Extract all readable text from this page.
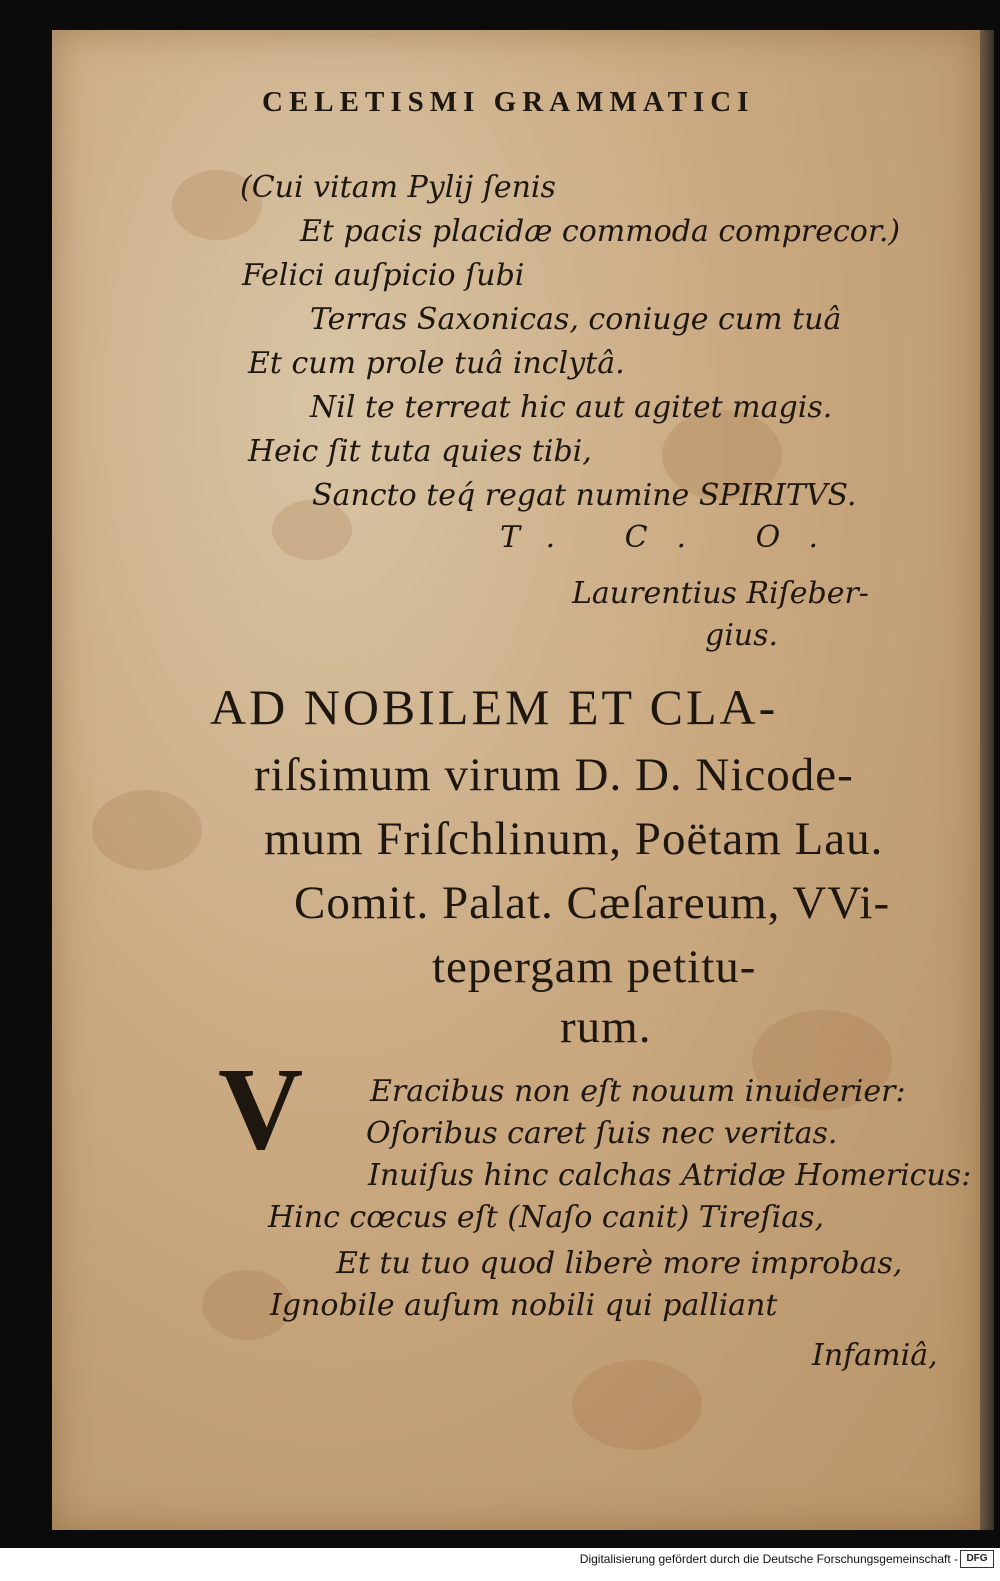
CELETISMI GRAMMATICI
(Cui vitam Pylij ſenis
Et pacis placidæ commoda comprecor.)
Felici auſpicio ſubi
Terras Saxonicas, coniuge cum tuâ
Et cum prole tuâ inclytâ.
Nil te terreat hic aut agitet magis.
Heic ſit tuta quies tibi,
Sancto teq́ regat numine SPIRITVS.
T. C. O.
Laurentius Riſeber-
gius.
AD NOBILEM ET CLA-
riſsimum virum D. D. Nicode-
mum Friſchlinum, Poëtam Lau.
Comit. Palat. Cæſareum, VVi-
tepergam petitu-
rum.
V Eracibus non eſt nouum inuiderier:
Oſoribus caret ſuis nec veritas.
Inuiſus hinc calchas Atridæ Homericus:
Hinc cœcus eſt (Naſo canit) Tireſias,
Et tu tuo quod liberè more improbas,
Ignobile auſum nobili qui palliant
Infamiâ,
Digitalisierung gefördert durch die Deutsche Forschungsgemeinschaft - DFG
